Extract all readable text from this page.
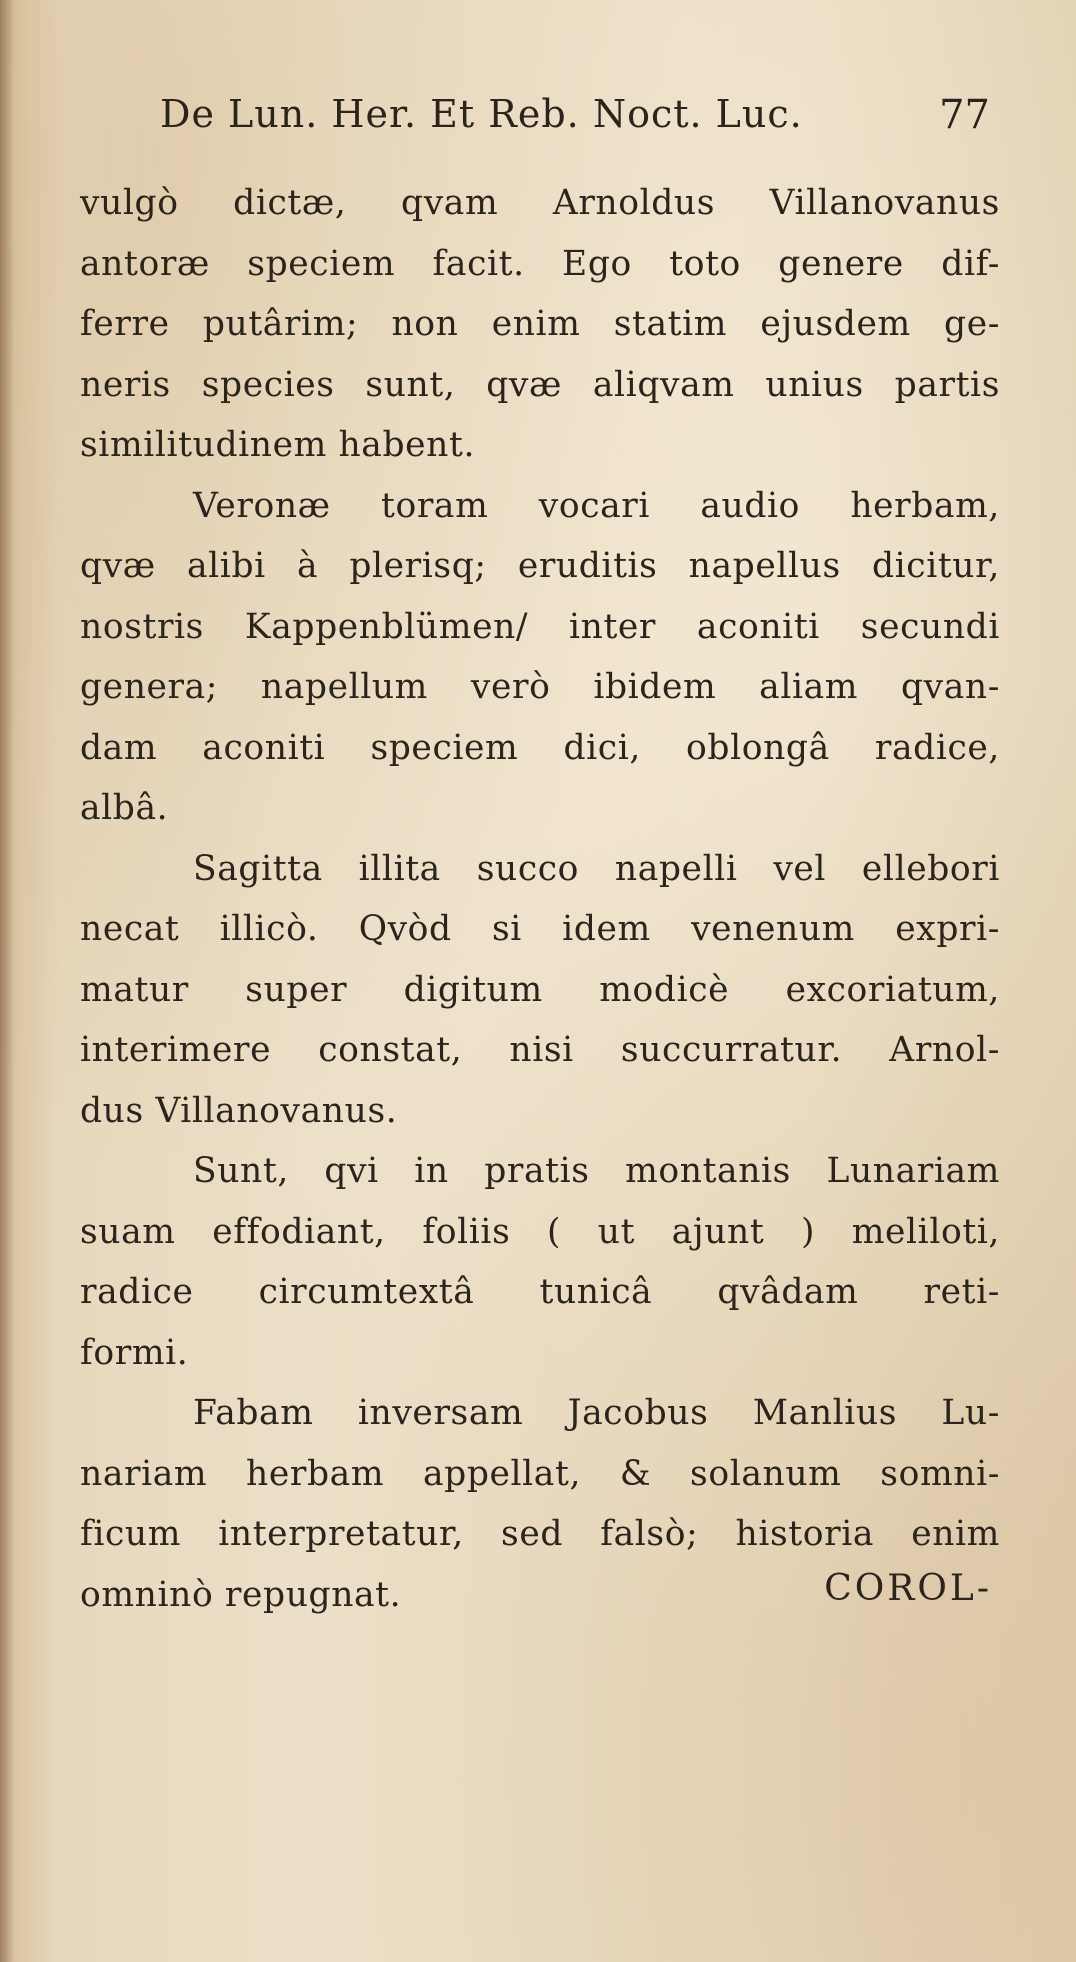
De Lun. Her. Et Reb. Noct. Luc.	77
vulgò dictæ, qvam Arnoldus Villanovanus
antoræ speciem facit. Ego toto genere dif-
ferre putârim; non enim statim ejusdem ge-
neris species sunt, qvæ aliqvam unius partis
similitudinem habent.
Veronæ toram vocari audio herbam,
qvæ alibi à plerisq; eruditis napellus dicitur,
nostris Kappenblümen/ inter aconiti secundi
genera; napellum verò ibidem aliam qvan-
dam aconiti speciem dici, oblongâ radice,
albâ.
Sagitta illita succo napelli vel ellebori
necat illicò. Qvòd si idem venenum expri-
matur super digitum modicè excoriatum,
interimere constat, nisi succurratur. Arnol-
dus Villanovanus.
Sunt, qvi in pratis montanis Lunariam
suam effodiant, foliis ( ut ajunt ) meliloti,
radice circumtextâ tunicâ qvâdam reti-
formi.
Fabam inversam Jacobus Manlius Lu-
nariam herbam appellat, & solanum somni-
ficum interpretatur, sed falsò; historia enim
omninò repugnat.	COROL-
